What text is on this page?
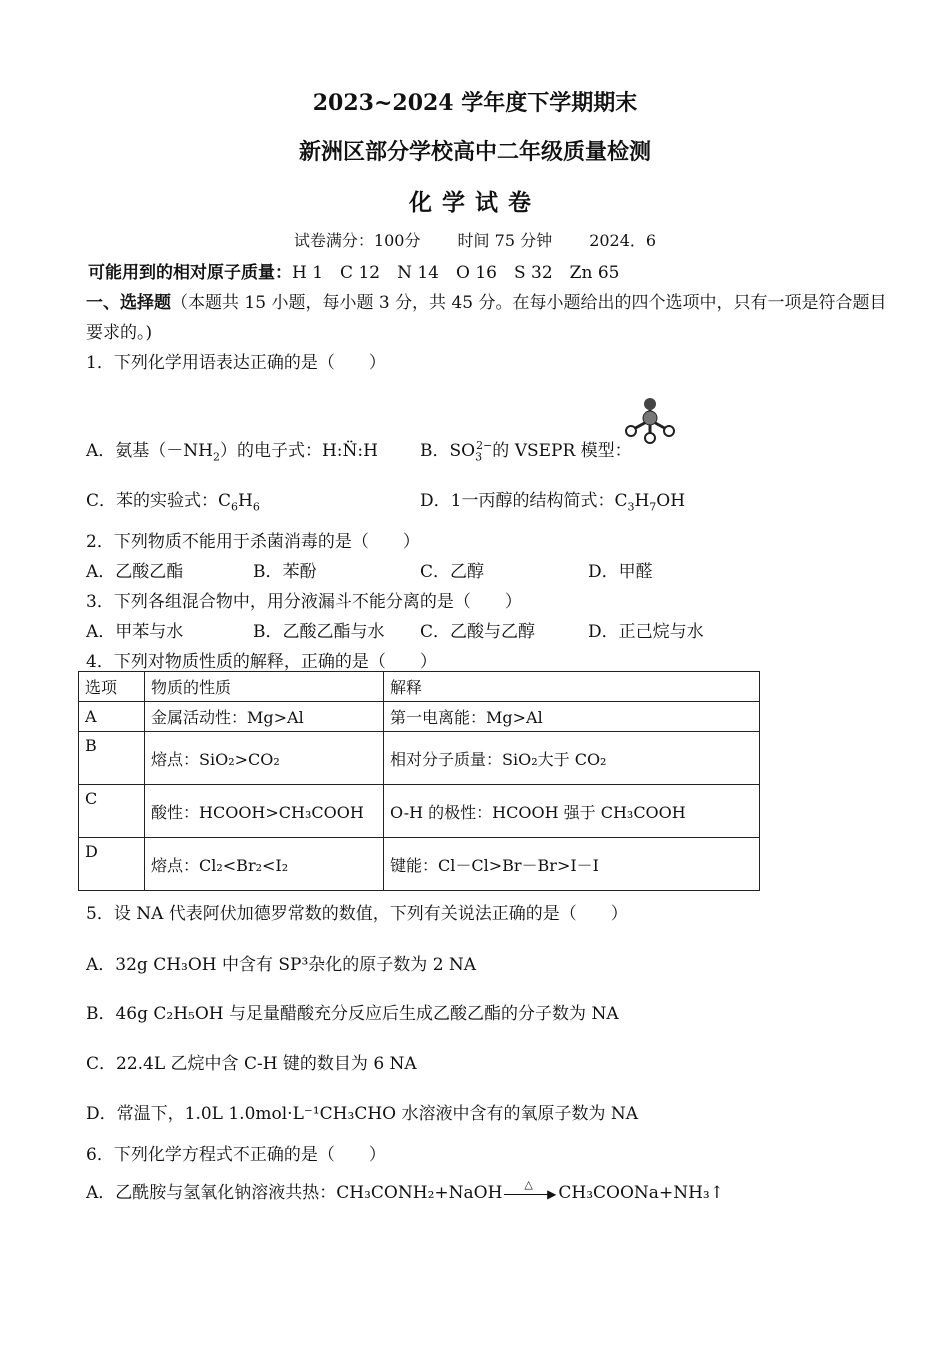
2023~2024 学年度下学期期末
新洲区部分学校高中二年级质量检测
化学试卷
试卷满分：100分 时间 75 分钟 2024．6
可能用到的相对原子质量：H 1　C 12　N 14　O 16　S 32　Zn 65
一、选择题（本题共 15 小题，每小题 3 分，共 45 分。在每小题给出的四个选项中，只有一项是符合题目
要求的。)
1．下列化学用语表达正确的是（　　）
A．氨基$(-NH_2)$的电子式：H:N̈:H B．$SO_3^{2-}$的 VSEPR 模型：
C．苯的实验式：$C_6H_6$	D．1一丙醇的结构简式：$C_3H_7OH$
2．下列物质不能用于杀菌消毒的是（　　）
A．乙酸乙酯	B．苯酚	C．乙醇	D．甲醛
3．下列各组混合物中，用分液漏斗不能分离的是（　　）
A．甲苯与水	B．乙酸乙酯与水 C．乙酸与乙醇	D．正己烷与水
4．下列对物质性质的解释，正确的是（　　）
选项	物质的性质	解释
A	金属活动性：Mg>Al	第一电离能：Mg>Al
B	熔点：SiO₂>CO₂	相对分子质量：SiO₂大于 CO₂
C	酸性：HCOOH>CH₃COOH	O-H 的极性：HCOOH 强于 CH₃COOH
D	熔点：Cl₂<Br₂<I₂	键能：Cl－Cl>Br－Br>I－I
5．设 NA 代表阿伏加德罗常数的数值，下列有关说法正确的是（　　）
A．32g CH₃OH 中含有 SP³杂化的原子数为 2 NA
B．46g C₂H₅OH 与足量醋酸充分反应后生成乙酸乙酯的分子数为 NA
C．22.4L 乙烷中含 C-H 键的数目为 6 NA
D．常温下，1.0L 1.0mol·L⁻¹CH₃CHO 水溶液中含有的氧原子数为 NA
6．下列化学方程式不正确的是（　　）
A．乙酰胺与氢氧化钠溶液共热：CH₃CONH₂+NaOH △
▶ CH₃COONa+NH₃↑
